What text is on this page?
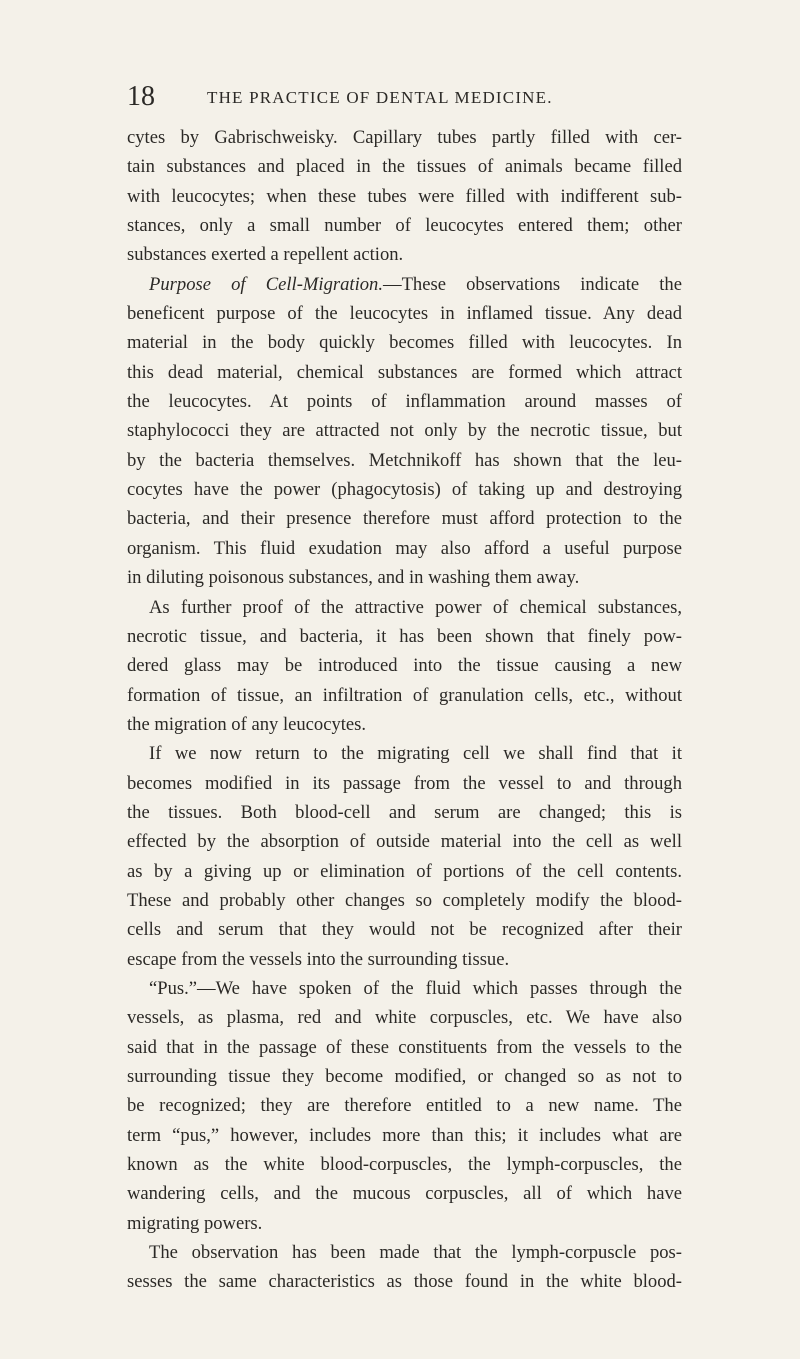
18	THE PRACTICE OF DENTAL MEDICINE.
cytes by Gabrischweisky. Capillary tubes partly filled with cer-
tain substances and placed in the tissues of animals became filled
with leucocytes; when these tubes were filled with indifferent sub-
stances, only a small number of leucocytes entered them; other
substances exerted a repellent action.
Purpose of Cell-Migration.—These observations indicate the
beneficent purpose of the leucocytes in inflamed tissue. Any dead
material in the body quickly becomes filled with leucocytes. In
this dead material, chemical substances are formed which attract
the leucocytes. At points of inflammation around masses of
staphylococci they are attracted not only by the necrotic tissue, but
by the bacteria themselves. Metchnikoff has shown that the leu-
cocytes have the power (phagocytosis) of taking up and destroying
bacteria, and their presence therefore must afford protection to the
organism. This fluid exudation may also afford a useful purpose
in diluting poisonous substances, and in washing them away.
As further proof of the attractive power of chemical substances,
necrotic tissue, and bacteria, it has been shown that finely pow-
dered glass may be introduced into the tissue causing a new
formation of tissue, an infiltration of granulation cells, etc., without
the migration of any leucocytes.
If we now return to the migrating cell we shall find that it
becomes modified in its passage from the vessel to and through
the tissues. Both blood-cell and serum are changed; this is
effected by the absorption of outside material into the cell as well
as by a giving up or elimination of portions of the cell contents.
These and probably other changes so completely modify the blood-
cells and serum that they would not be recognized after their
escape from the vessels into the surrounding tissue.
“Pus.”—We have spoken of the fluid which passes through the
vessels, as plasma, red and white corpuscles, etc. We have also
said that in the passage of these constituents from the vessels to the
surrounding tissue they become modified, or changed so as not to
be recognized; they are therefore entitled to a new name. The
term “pus,” however, includes more than this; it includes what are
known as the white blood-corpuscles, the lymph-corpuscles, the
wandering cells, and the mucous corpuscles, all of which have
migrating powers.
The observation has been made that the lymph-corpuscle pos-
sesses the same characteristics as those found in the white blood-
